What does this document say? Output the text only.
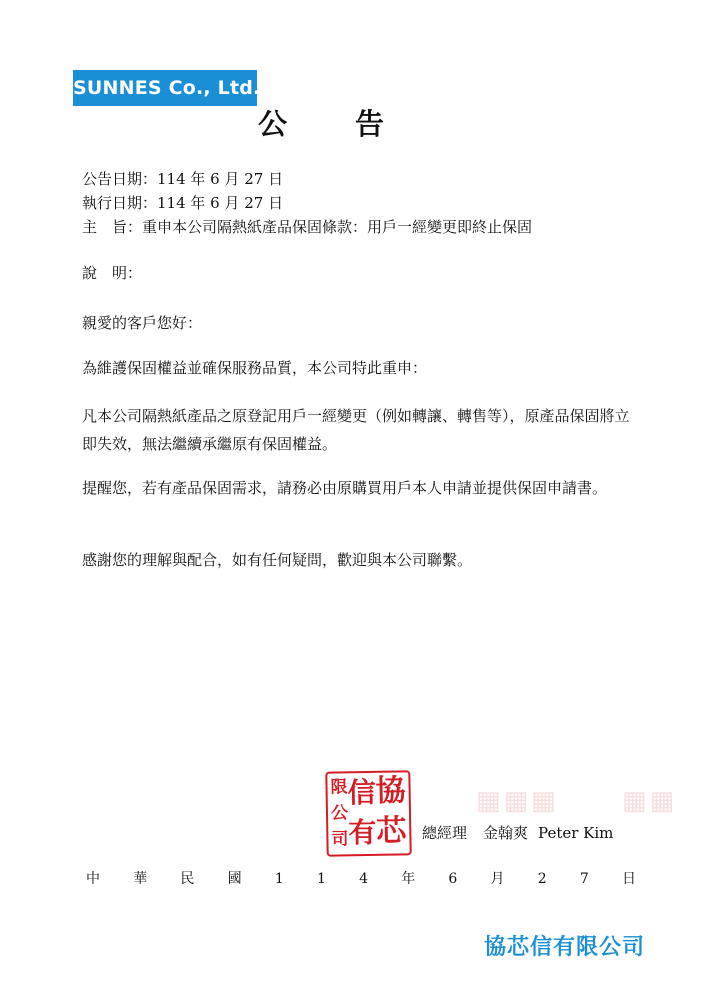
SUNNES Co., Ltd.
公告
公告日期：114 年 6 月 27 日
執行日期：114 年 6 月 27 日
主　旨：重申本公司隔熱紙產品保固條款：用戶一經變更即終止保固
說　明：
親愛的客戶您好：
為維護保固權益並確保服務品質，本公司特此重申：
凡本公司隔熱紙產品之原登記用戶一經變更（例如轉讓、轉售等），原產品保固將立即失效，無法繼續承繼原有保固權益。
提醒您，若有產品保固需求，請務必由原購買用戶本人申請並提供保固申請書。
感謝您的理解與配合，如有任何疑問，歡迎與本公司聯繫。
協
芯
信
有
限
公
司
▦▦▦ ▦▦
總經理 金翰爽 Peter Kim
中 華 民 國 1 1 4 年 6 月 2 7 日
協芯信有限公司
